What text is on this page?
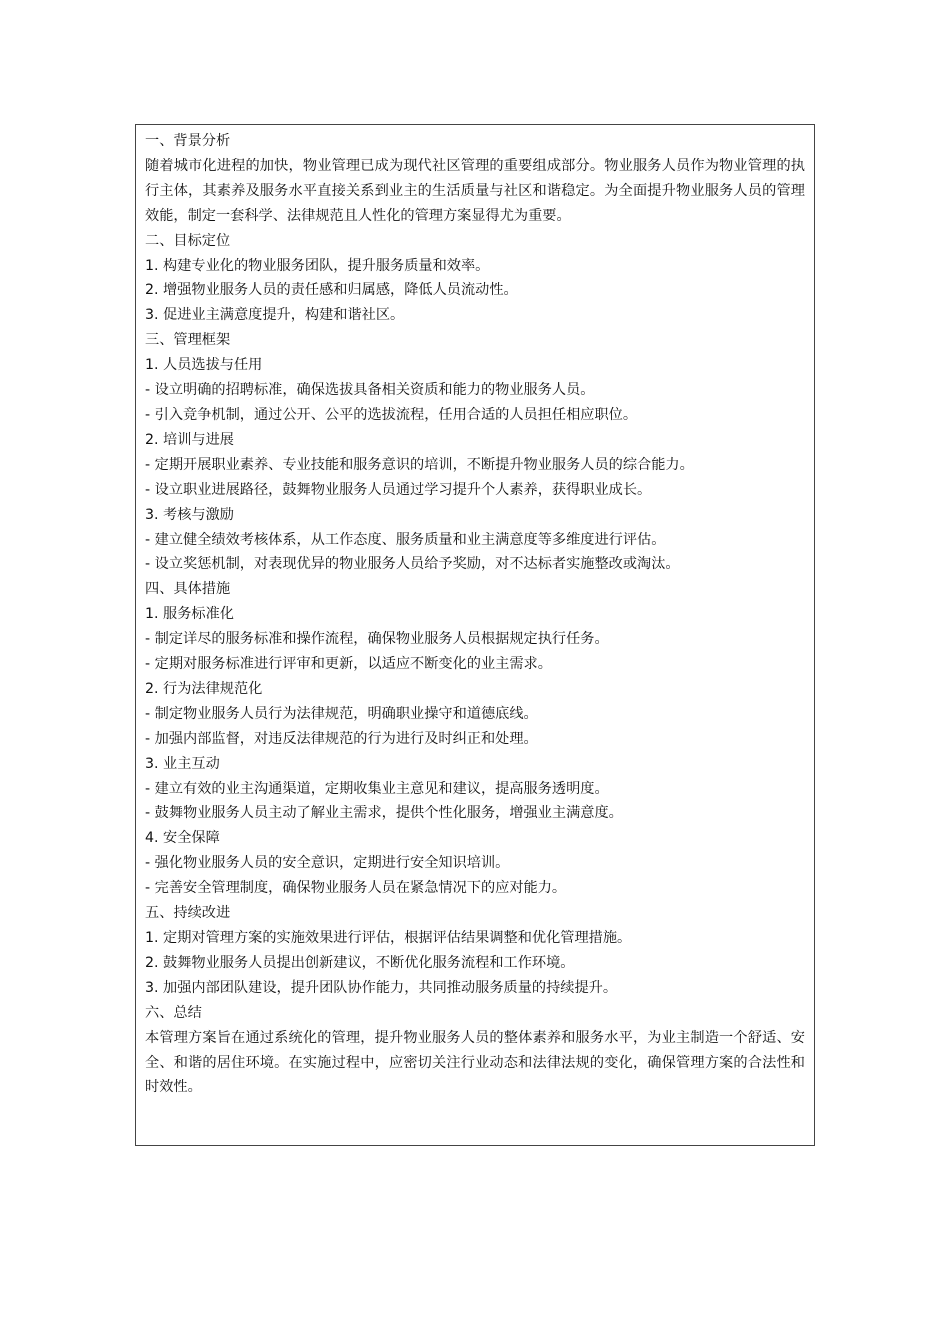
一、背景分析
随着城市化进程的加快，物业管理已成为现代社区管理的重要组成部分。物业服务人员作为物业管理的执行主体，其素养及服务水平直接关系到业主的生活质量与社区和谐稳定。为全面提升物业服务人员的管理效能，制定一套科学、法律规范且人性化的管理方案显得尤为重要。
二、目标定位
1. 构建专业化的物业服务团队，提升服务质量和效率。
2. 增强物业服务人员的责任感和归属感，降低人员流动性。
3. 促进业主满意度提升，构建和谐社区。
三、管理框架
1. 人员选拔与任用
- 设立明确的招聘标准，确保选拔具备相关资质和能力的物业服务人员。
- 引入竞争机制，通过公开、公平的选拔流程，任用合适的人员担任相应职位。
2. 培训与进展
- 定期开展职业素养、专业技能和服务意识的培训，不断提升物业服务人员的综合能力。
- 设立职业进展路径，鼓舞物业服务人员通过学习提升个人素养，获得职业成长。
3. 考核与激励
- 建立健全绩效考核体系，从工作态度、服务质量和业主满意度等多维度进行评估。
- 设立奖惩机制，对表现优异的物业服务人员给予奖励，对不达标者实施整改或淘汰。
四、具体措施
1. 服务标准化
- 制定详尽的服务标准和操作流程，确保物业服务人员根据规定执行任务。
- 定期对服务标准进行评审和更新，以适应不断变化的业主需求。
2. 行为法律规范化
- 制定物业服务人员行为法律规范，明确职业操守和道德底线。
- 加强内部监督，对违反法律规范的行为进行及时纠正和处理。
3. 业主互动
- 建立有效的业主沟通渠道，定期收集业主意见和建议，提高服务透明度。
- 鼓舞物业服务人员主动了解业主需求，提供个性化服务，增强业主满意度。
4. 安全保障
- 强化物业服务人员的安全意识，定期进行安全知识培训。
- 完善安全管理制度，确保物业服务人员在紧急情况下的应对能力。
五、持续改进
1. 定期对管理方案的实施效果进行评估，根据评估结果调整和优化管理措施。
2. 鼓舞物业服务人员提出创新建议，不断优化服务流程和工作环境。
3. 加强内部团队建设，提升团队协作能力，共同推动服务质量的持续提升。
六、总结
本管理方案旨在通过系统化的管理，提升物业服务人员的整体素养和服务水平，为业主制造一个舒适、安全、和谐的居住环境。在实施过程中，应密切关注行业动态和法律法规的变化，确保管理方案的合法性和时效性。
